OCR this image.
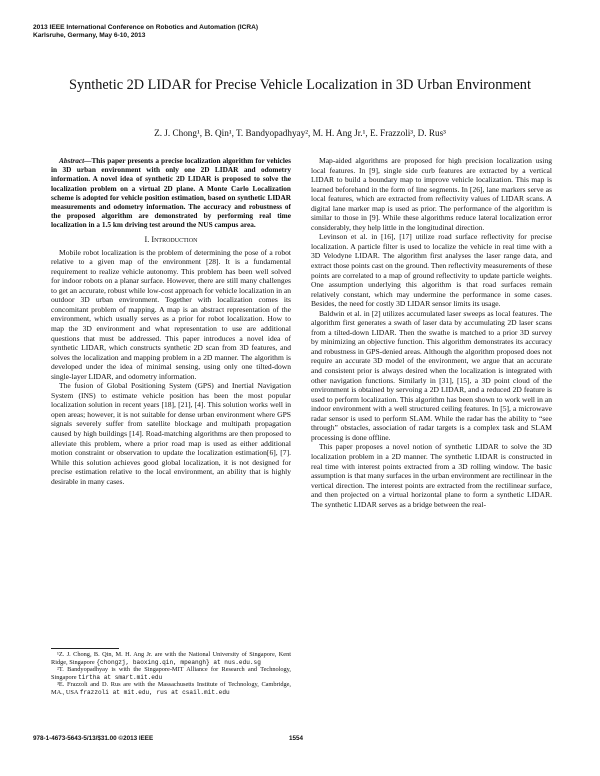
2013 IEEE International Conference on Robotics and Automation (ICRA)
Karlsruhe, Germany, May 6-10, 2013
Synthetic 2D LIDAR for Precise Vehicle Localization in 3D Urban Environment
Z. J. Chong¹, B. Qin¹, T. Bandyopadhyay², M. H. Ang Jr.¹, E. Frazzoli³, D. Rus³

Abstract—This paper presents a precise localization algorithm for vehicles in 3D urban environment with only one 2D LIDAR and odometry information. A novel idea of synthetic 2D LIDAR is proposed to solve the localization problem on a virtual 2D plane. A Monte Carlo Localization scheme is adopted for vehicle position estimation, based on synthetic LIDAR measurements and odometry information. The accuracy and robustness of the proposed algorithm are demonstrated by performing real time localization in a 1.5 km driving test around the NUS campus area.

I. Introduction

Mobile robot localization is the problem of determining the pose of a robot relative to a given map of the environment [28]. It is a fundamental requirement to realize vehicle autonomy. This problem has been well solved for indoor robots on a planar surface. However, there are still many challenges to get an accurate, robust while low-cost approach for vehicle localization in an outdoor 3D urban environment. Together with localization comes its concomitant problem of mapping. A map is an abstract representation of the environment, which usually serves as a prior for robot localization. How to map the 3D environment and what representation to use are additional questions that must be addressed. This paper introduces a novel idea of synthetic LIDAR, which constructs synthetic 2D scan from 3D features, and solves the localization and mapping problem in a 2D manner. The algorithm is developed under the idea of minimal sensing, using only one tilted-down single-layer LIDAR, and odometry information.

The fusion of Global Positioning System (GPS) and Inertial Navigation System (INS) to estimate vehicle position has been the most popular localization solution in recent years [18], [21], [4]. This solution works well in open areas; however, it is not suitable for dense urban environment where GPS signals severely suffer from satellite blockage and multipath propagation caused by high buildings [14]. Road-matching algorithms are then proposed to alleviate this problem, where a prior road map is used as either additional motion constraint or observation to update the localization estimation[6], [7]. While this solution achieves good global localization, it is not designed for precise estimation relative to the local environment, an ability that is highly desirable in many cases.

¹Z. J. Chong, B. Qin, M. H. Ang Jr. are with the National University of Singapore, Kent Ridge, Singapore {chongzj, baoxing.qin, mpeangh} at nus.edu.sg

²T. Bandyopadhyay is with the Singapore-MIT Alliance for Research and Technology, Singapore tirtha at smart.mit.edu

³E. Frazzoli and D. Rus are with the Massachusetts Institute of Technology, Cambridge, MA., USA frazzoli at mit.edu, rus at csail.mit.edu

Map-aided algorithms are proposed for high precision localization using local features. In [9], single side curb features are extracted by a vertical LIDAR to build a boundary map to improve vehicle localization. This map is learned beforehand in the form of line segments. In [26], lane markers serve as local features, which are extracted from reflectivity values of LIDAR scans. A digital lane marker map is used as prior. The performance of the algorithm is similar to those in [9]. While these algorithms reduce lateral localization error considerably, they help little in the longitudinal direction.

Levinson et al. in [16], [17] utilize road surface reflectivity for precise localization. A particle filter is used to localize the vehicle in real time with a 3D Velodyne LIDAR. The algorithm first analyses the laser range data, and extract those points cast on the ground. Then reflectivity measurements of these points are correlated to a map of ground reflectivity to update particle weights. One assumption underlying this algorithm is that road surfaces remain relatively constant, which may undermine the performance in some cases. Besides, the need for costly 3D LIDAR sensor limits its usage.

Baldwin et al. in [2] utilizes accumulated laser sweeps as local features. The algorithm first generates a swath of laser data by accumulating 2D laser scans from a tilted-down LIDAR. Then the swathe is matched to a prior 3D survey by minimizing an objective function. This algorithm demonstrates its accuracy and robustness in GPS-denied areas. Although the algorithm proposed does not require an accurate 3D model of the environment, we argue that an accurate and consistent prior is always desired when the localization is integrated with other navigation functions. Similarly in [31], [15], a 3D point cloud of the environment is obtained by servoing a 2D LIDAR, and a reduced 2D feature is used to perform localization. This algorithm has been shown to work well in an indoor environment with a well structured ceiling features. In [5], a microwave radar sensor is used to perform SLAM. While the radar has the ability to “see through” obstacles, association of radar targets is a complex task and SLAM processing is done offline.

This paper proposes a novel notion of synthetic LIDAR to solve the 3D localization problem in a 2D manner. The synthetic LIDAR is constructed in real time with interest points extracted from a 3D rolling window. The basic assumption is that many surfaces in the urban environment are rectilinear in the vertical direction. The interest points are extracted from the rectilinear surface, and then projected on a virtual horizontal plane to form a synthetic LIDAR. The synthetic LIDAR serves as a bridge between the real-

978-1-4673-5643-5/13/$31.00 ©2013 IEEE	1554
